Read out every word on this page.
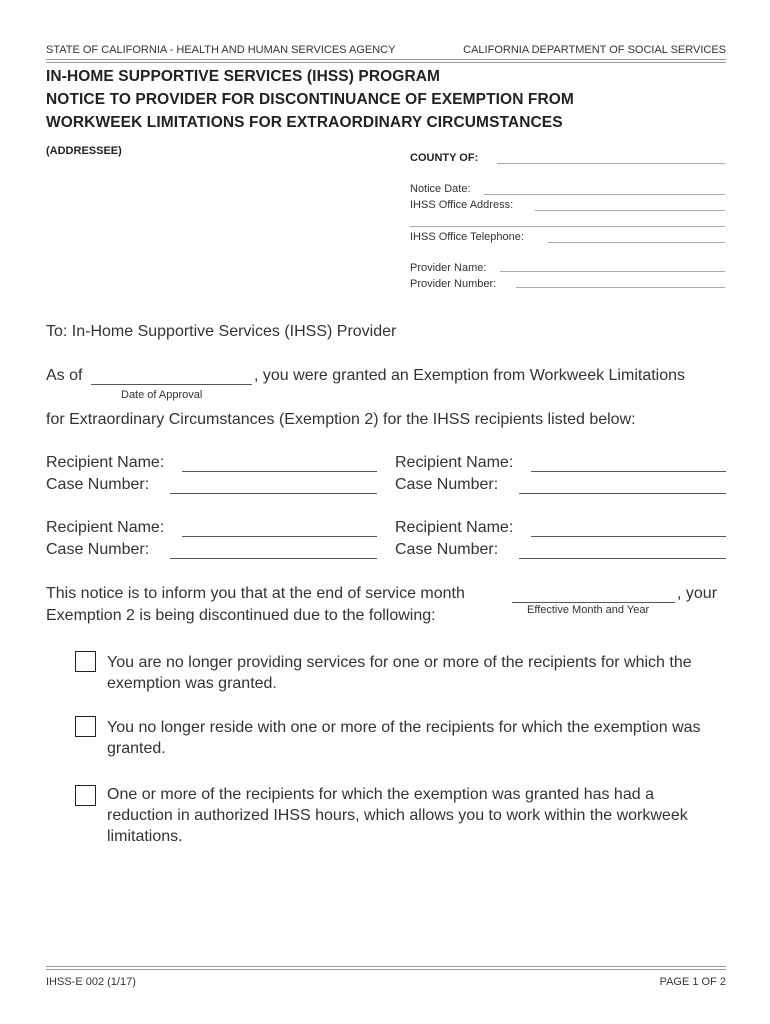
STATE OF CALIFORNIA - HEALTH AND HUMAN SERVICES AGENCY	CALIFORNIA DEPARTMENT OF SOCIAL SERVICES
IN-HOME SUPPORTIVE SERVICES (IHSS) PROGRAM
NOTICE TO PROVIDER FOR DISCONTINUANCE OF EXEMPTION FROM
WORKWEEK LIMITATIONS FOR EXTRAORDINARY CIRCUMSTANCES
(ADDRESSEE)
COUNTY OF:
Notice Date:
IHSS Office Address:
IHSS Office Telephone:
Provider Name:
Provider Number:
To: In-Home Supportive Services (IHSS) Provider
As of	, you were granted an Exemption from Workweek Limitations
Date of Approval
for Extraordinary Circumstances (Exemption 2) for the IHSS recipients listed below:
Recipient Name:
Case Number:
Recipient Name:
Case Number:
Recipient Name:
Case Number:
Recipient Name:
Case Number:
This notice is to inform you that at the end of service month	, your
Effective Month and Year
Exemption 2 is being discontinued due to the following:
You are no longer providing services for one or more of the recipients for which the exemption was granted.
You no longer reside with one or more of the recipients for which the exemption was granted.
One or more of the recipients for which the exemption was granted has had a reduction in authorized IHSS hours, which allows you to work within the workweek limitations.
IHSS-E 002 (1/17)	PAGE 1 OF 2
